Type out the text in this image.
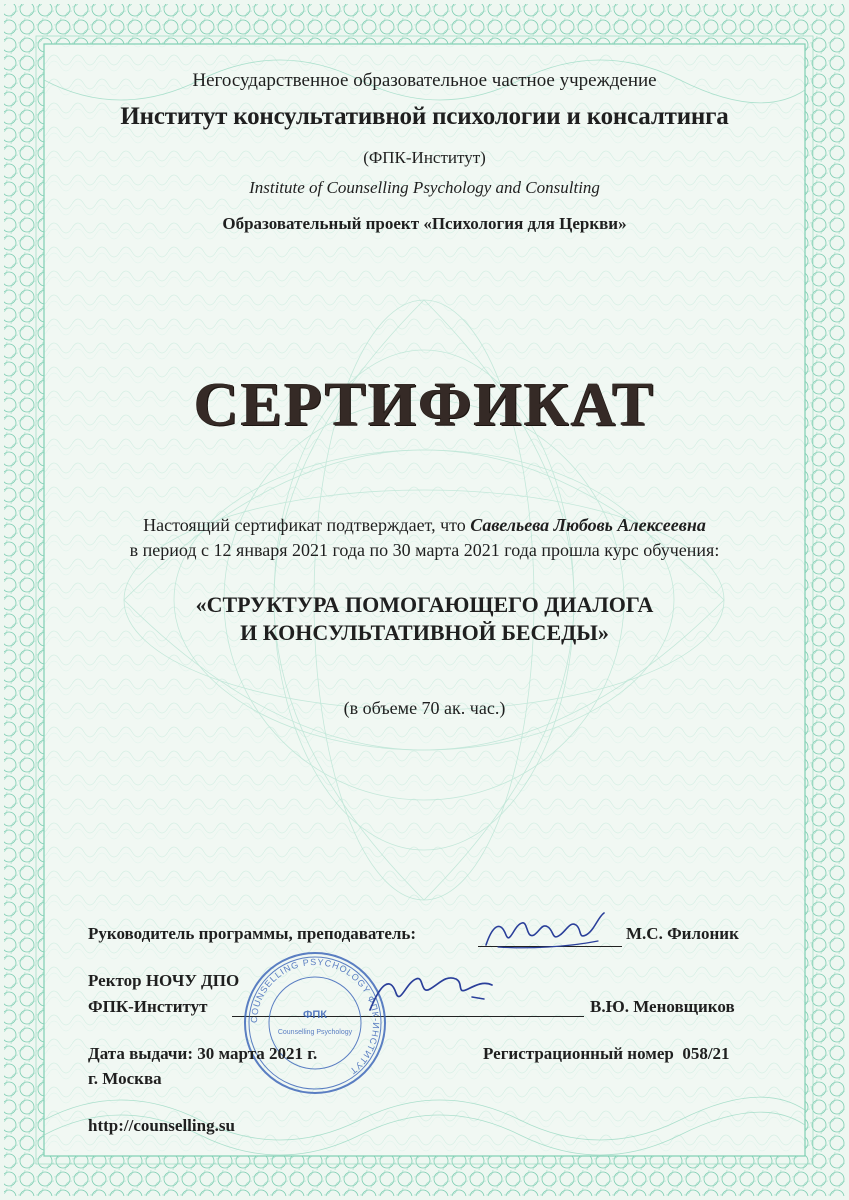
Негосударственное образовательное частное учреждение
Институт консультативной психологии и консалтинга
(ФПК-Институт)
Institute of Counselling Psychology and Consulting
Образовательный проект «Психология для Церкви»
СЕРТИФИКАТ
Настоящий сертификат подтверждает, что Савельева Любовь Алексеевна
в период с 12 января 2021 года по 30 марта 2021 года прошла курс обучения:
«СТРУКТУРА ПОМОГАЮЩЕГО ДИАЛОГА
И КОНСУЛЬТАТИВНОЙ БЕСЕДЫ»
(в объеме 70 ак. час.)
Руководитель программы, преподаватель:	М.С. Филоник
Ректор НОЧУ ДПО
ФПК-Институт
COUNSELLING PSYCHOLOGY ФПК-ИНСТИТУТ
ФПК
Counselling Psychology
В.Ю. Меновщиков
Дата выдачи: 30 марта 2021 г.
г. Москва
Регистрационный номер  058/21
http://counselling.su
